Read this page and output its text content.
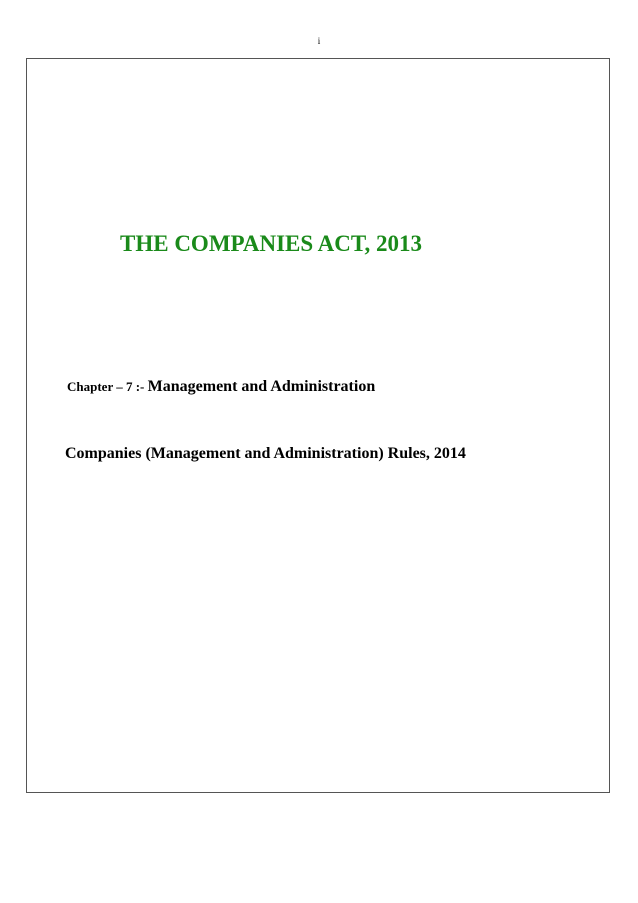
i
THE COMPANIES ACT, 2013
Chapter – 7 :- Management and Administration
Companies (Management and Administration) Rules, 2014
